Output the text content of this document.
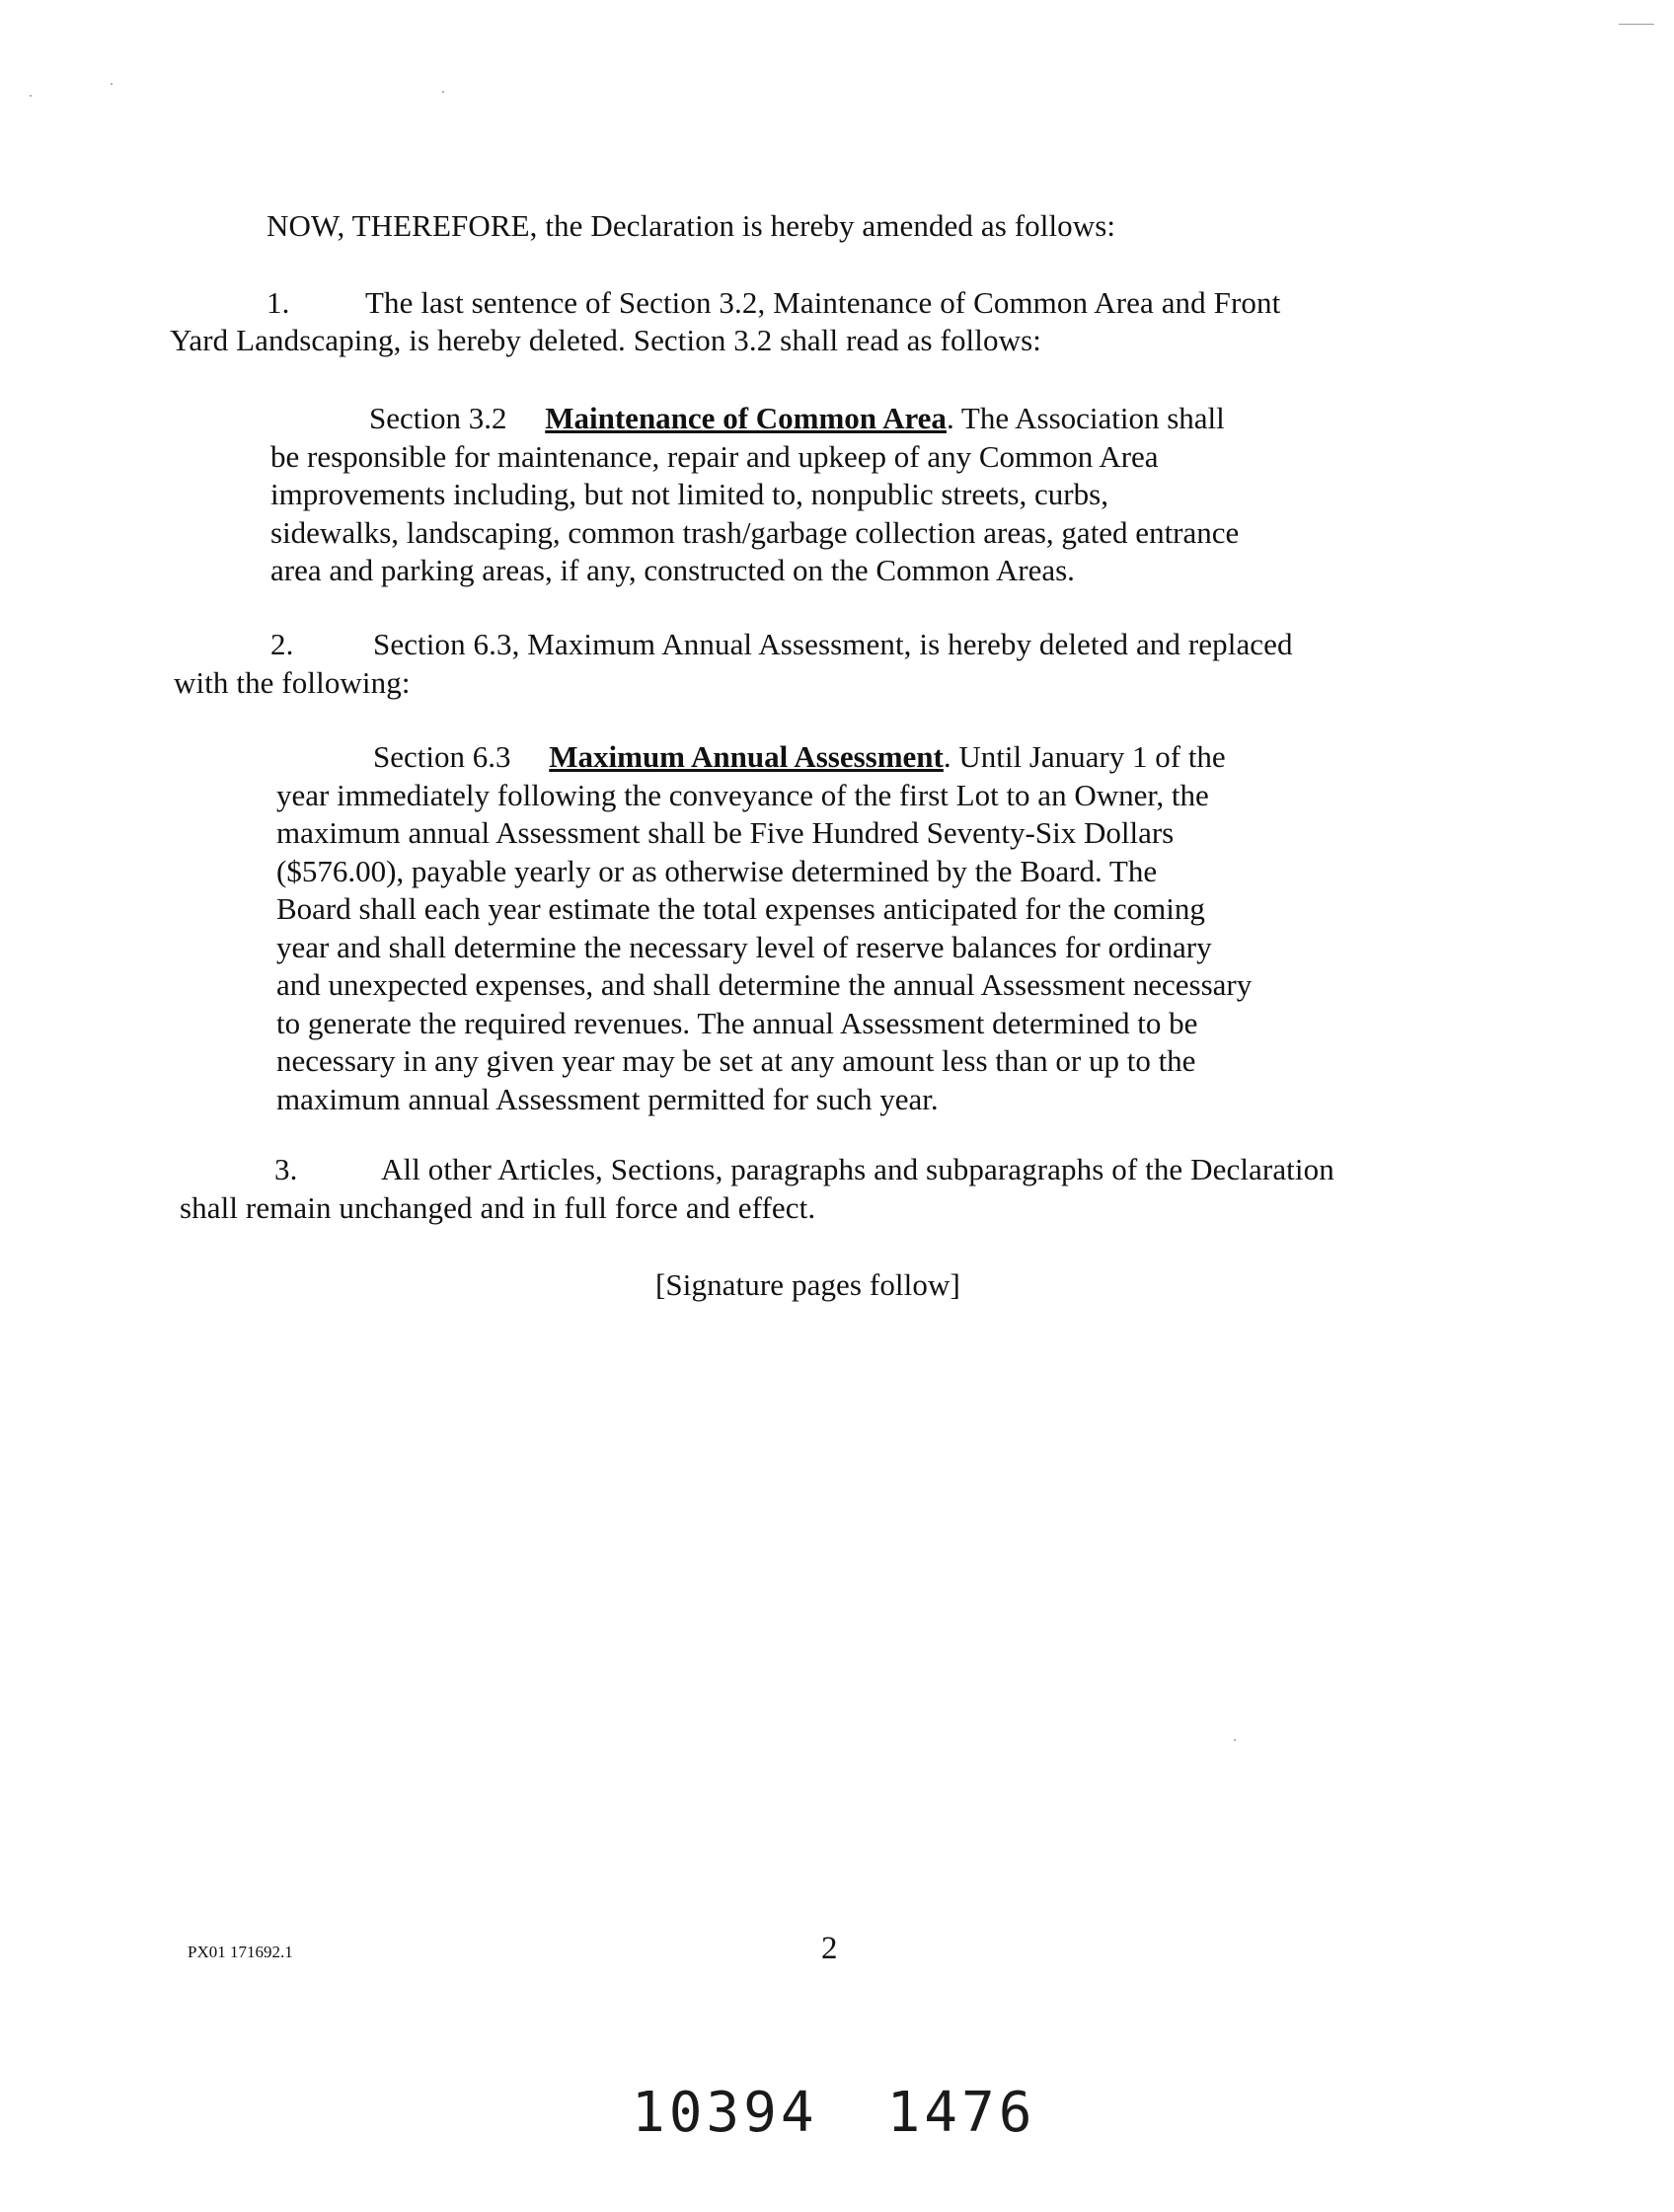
NOW, THEREFORE, the Declaration is hereby amended as follows:
1. The last sentence of Section 3.2, Maintenance of Common Area and Front
Yard Landscaping, is hereby deleted. Section 3.2 shall read as follows:
Section 3.2 Maintenance of Common Area. The Association shall
be responsible for maintenance, repair and upkeep of any Common Area
improvements including, but not limited to, nonpublic streets, curbs,
sidewalks, landscaping, common trash/garbage collection areas, gated entrance
area and parking areas, if any, constructed on the Common Areas.
2.	Section 6.3, Maximum Annual Assessment, is hereby deleted and replaced
with the following:
Section 6.3 Maximum Annual Assessment. Until January 1 of the
year immediately following the conveyance of the first Lot to an Owner, the
maximum annual Assessment shall be Five Hundred Seventy-Six Dollars
($576.00), payable yearly or as otherwise determined by the Board. The
Board shall each year estimate the total expenses anticipated for the coming
year and shall determine the necessary level of reserve balances for ordinary
and unexpected expenses, and shall determine the annual Assessment necessary
to generate the required revenues. The annual Assessment determined to be
necessary in any given year may be set at any amount less than or up to the
maximum annual Assessment permitted for such year.
3.	All other Articles, Sections, paragraphs and subparagraphs of the Declaration
shall remain unchanged and in full force and effect.
[Signature pages follow]
PX01 171692.1	2
10394 1476
